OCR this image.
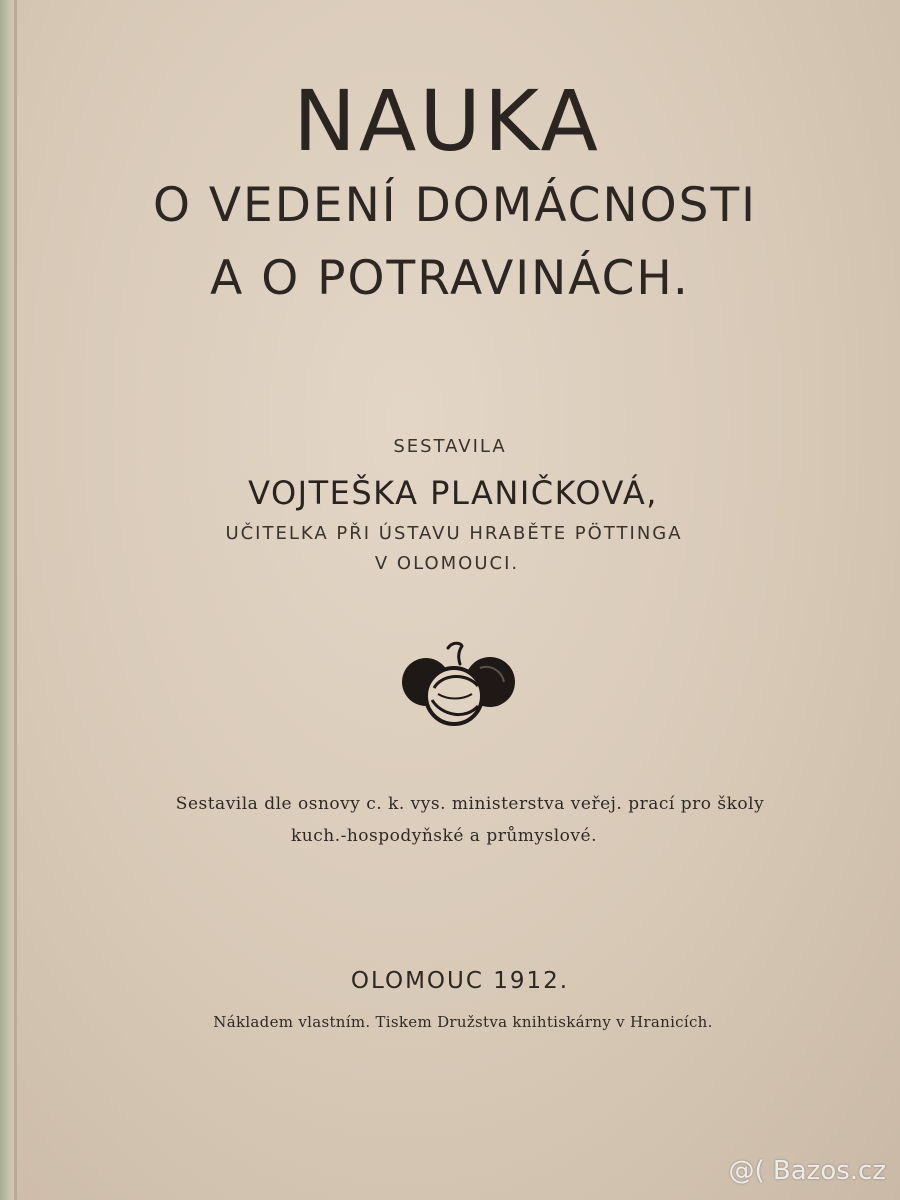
NAUKA
O VEDENÍ DOMÁCNOSTI
A O POTRAVINÁCH.
SESTAVILA
VOJTEŠKA PLANIČKOVÁ,
UČITELKA PŘI ÚSTAVU HRABĚTE PÖTTINGA
V OLOMOUCI.
Sestavila dle osnovy c. k. vys. ministerstva veřej. prací pro školy
kuch.-hospodyňské a průmyslové.
OLOMOUC 1912.
Nákladem vlastním. Tiskem Družstva knihtiskárny v Hranicích.
@( Bazos.cz
